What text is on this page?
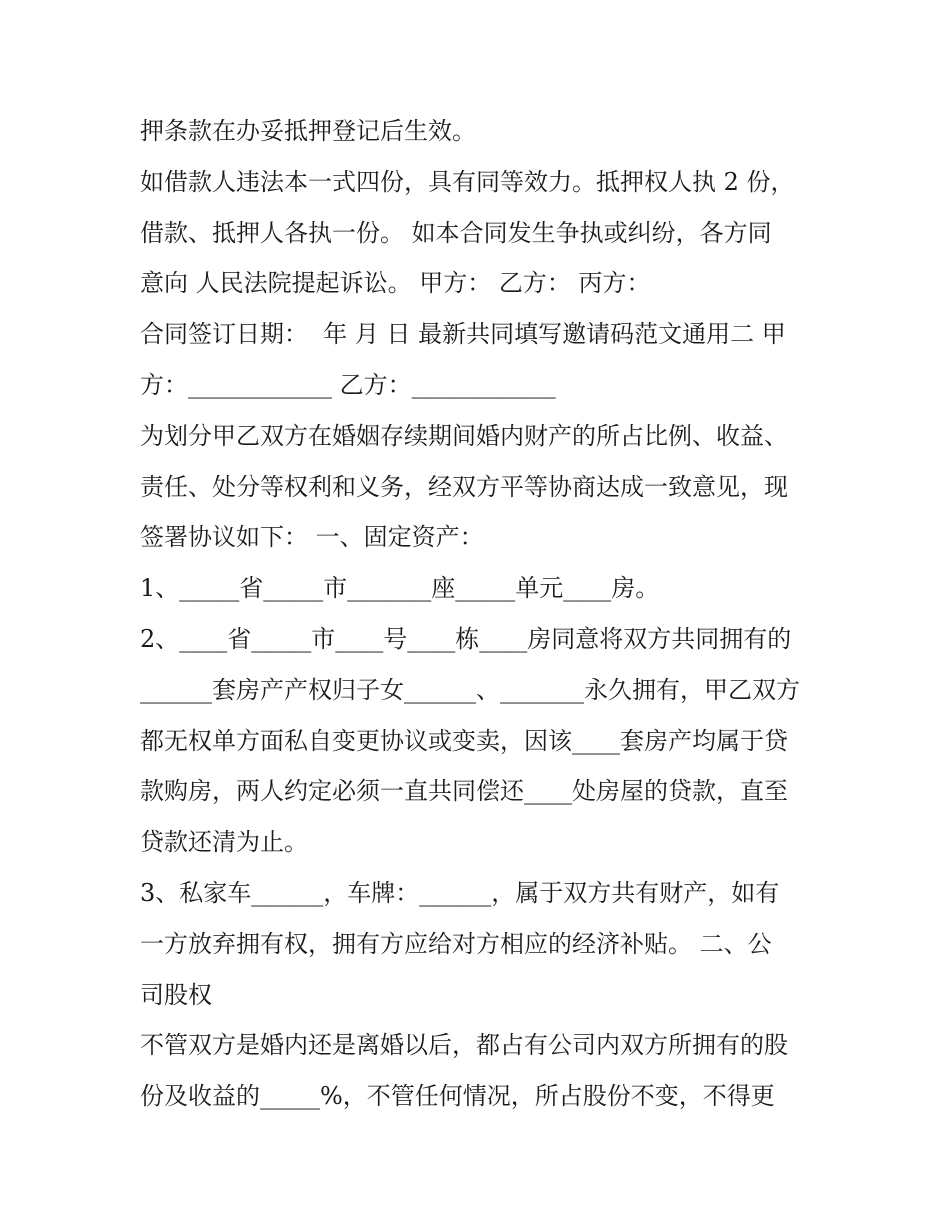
押条款在办妥抵押登记后生效。
如借款人违法本一式四份，具有同等效力。抵押权人执 2 份，
借款、抵押人各执一份。 如本合同发生争执或纠纷，各方同
意向 人民法院提起诉讼。 甲方： 乙方： 丙方：
合同签订日期：  年 月 日 最新共同填写邀请码范文通用二 甲
方：____________ 乙方：____________
为划分甲乙双方在婚姻存续期间婚内财产的所占比例、收益、
责任、处分等权利和义务，经双方平等协商达成一致意见，现
签署协议如下： 一、固定资产：
1、_____省_____市_______座_____单元____房。
2、____省_____市____号____栋____房同意将双方共同拥有的
______套房产产权归子女______、_______永久拥有，甲乙双方
都无权单方面私自变更协议或变卖，因该____套房产均属于贷
款购房，两人约定必须一直共同偿还____处房屋的贷款，直至
贷款还清为止。
3、私家车______，车牌：______，属于双方共有财产，如有
一方放弃拥有权，拥有方应给对方相应的经济补贴。 二、公
司股权
不管双方是婚内还是离婚以后，都占有公司内双方所拥有的股
份及收益的_____%，不管任何情况，所占股份不变，不得更
